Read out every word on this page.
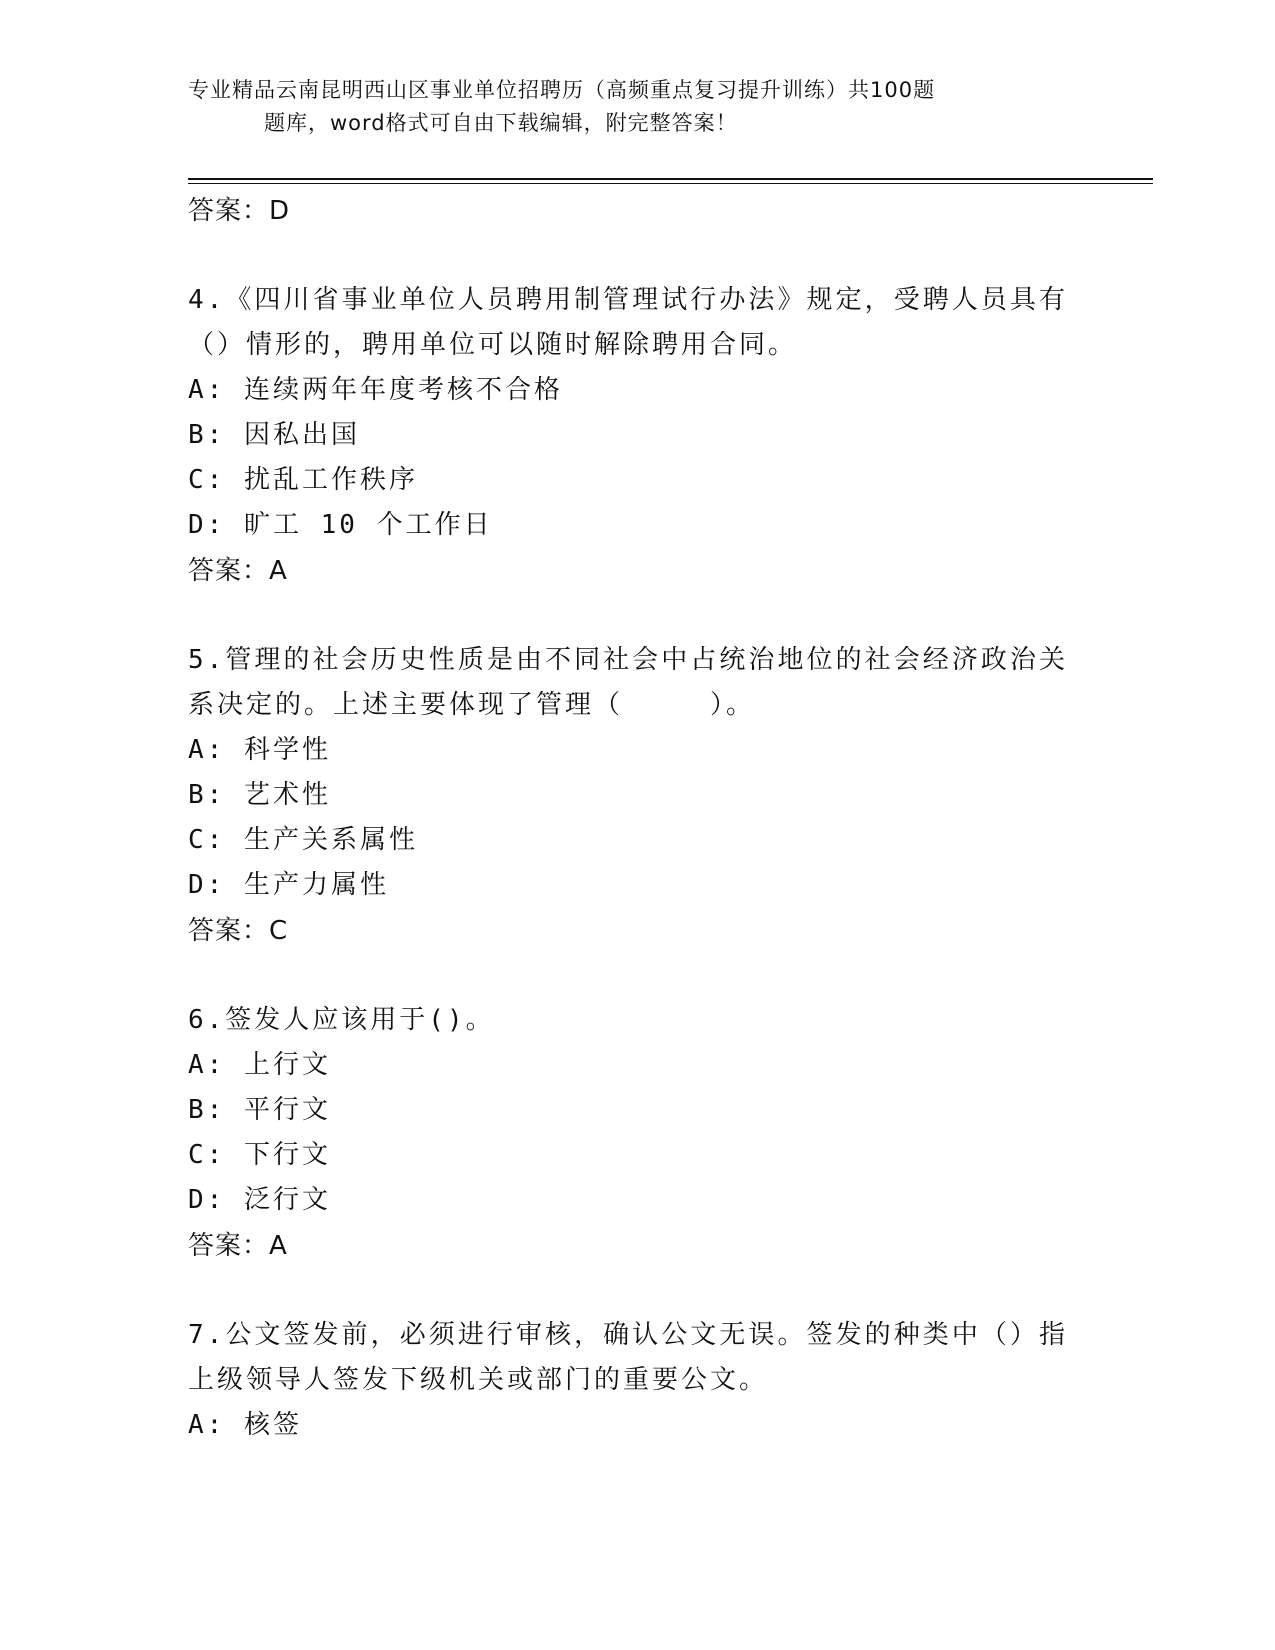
专业精品云南昆明西山区事业单位招聘历（高频重点复习提升训练）共100题
题库，word格式可自由下载编辑，附完整答案！
答案：D
4.《四川省事业单位人员聘用制管理试行办法》规定，受聘人员具有（）情形的，聘用单位可以随时解除聘用合同。
A: 连续两年年度考核不合格
B: 因私出国
C: 扰乱工作秩序
D: 旷工 10 个工作日
答案：A
5.管理的社会历史性质是由不同社会中占统治地位的社会经济政治关系决定的。上述主要体现了管理（　　　）。
A: 科学性
B: 艺术性
C: 生产关系属性
D: 生产力属性
答案：C
6.签发人应该用于()。
A: 上行文
B: 平行文
C: 下行文
D: 泛行文
答案：A
7.公文签发前，必须进行审核，确认公文无误。签发的种类中（）指上级领导人签发下级机关或部门的重要公文。
A: 核签
